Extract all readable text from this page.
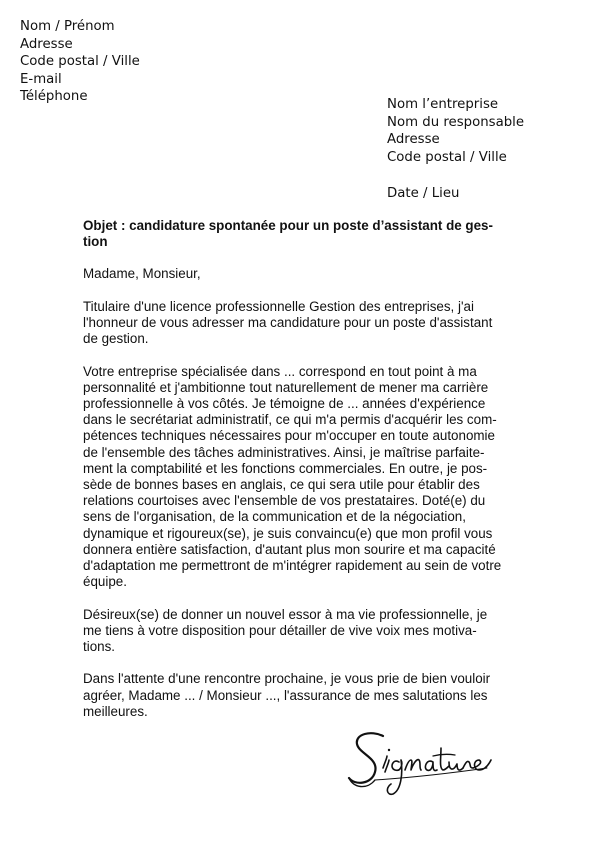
Nom / Prénom
Adresse
Code postal / Ville
E-mail
Téléphone
Nom l’entreprise
Nom du responsable
Adresse
Code postal / Ville
Date / Lieu
Objet : candidature spontanée pour un poste d’assistant de ges-
tion
Madame, Monsieur,
Titulaire d'une licence professionnelle Gestion des entreprises, j'ai
l'honneur de vous adresser ma candidature pour un poste d'assistant
de gestion.
Votre entreprise spécialisée dans ... correspond en tout point à ma
personnalité et j'ambitionne tout naturellement de mener ma carrière
professionnelle à vos côtés. Je témoigne de ... années d'expérience
dans le secrétariat administratif, ce qui m'a permis d'acquérir les com-
pétences techniques nécessaires pour m'occuper en toute autonomie
de l'ensemble des tâches administratives. Ainsi, je maîtrise parfaite-
ment la comptabilité et les fonctions commerciales. En outre, je pos-
sède de bonnes bases en anglais, ce qui sera utile pour établir des
relations courtoises avec l'ensemble de vos prestataires. Doté(e) du
sens de l'organisation, de la communication et de la négociation,
dynamique et rigoureux(se), je suis convaincu(e) que mon profil vous
donnera entière satisfaction, d'autant plus mon sourire et ma capacité
d'adaptation me permettront de m'intégrer rapidement au sein de votre
équipe.
Désireux(se) de donner un nouvel essor à ma vie professionnelle, je
me tiens à votre disposition pour détailler de vive voix mes motiva-
tions.
Dans l'attente d'une rencontre prochaine, je vous prie de bien vouloir
agréer, Madame ... / Monsieur ..., l'assurance de mes salutations les
meilleures.
